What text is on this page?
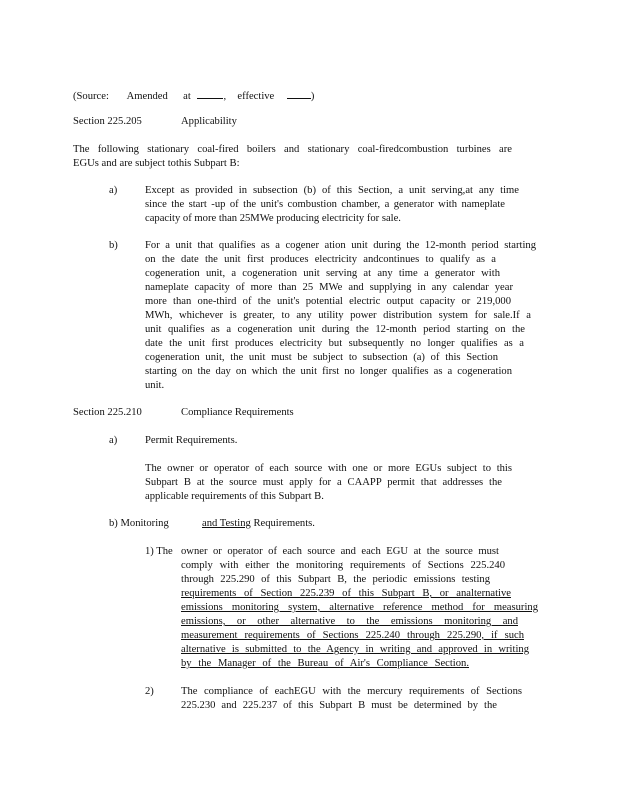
(Source: Amended at	, effective	)
Section 225.205	Applicability
The following stationary coal-fired boilers and stationary coal-firedcombustion turbines are
EGUs and are subject tothis Subpart B:
a)	Except as provided in subsection (b) of this Section, a unit serving,at any time
since the start -up of the unit's combustion chamber, a generator with nameplate
capacity of more than 25MWe producing electricity for sale.
b)	For a unit that qualifies as a cogener ation unit during the 12-month period starting
on the date the unit first produces electricity andcontinues to qualify as a
cogeneration unit, a cogeneration unit serving at any time a generator with
nameplate capacity of more than 25 MWe and supplying in any calendar year
more than one-third of the unit's potential electric output capacity or 219,000
MWh, whichever is greater, to any utility power distribution system for sale.If a
unit qualifies as a cogeneration unit during the 12-month period starting on the
date the unit first produces electricity but subsequently no longer qualifies as a
cogeneration unit, the unit must be subject to subsection (a) of this Section
starting on the day on which the unit first no longer qualifies as a cogeneration
unit.
Section 225.210	Compliance Requirements
a)	Permit Requirements.
The owner or operator of each source with one or more EGUs subject to this
Subpart B at the source must apply for a CAAPP permit that addresses the
applicable requirements of this Subpart B.
b) Monitoring	and Testing Requirements.
1) The owner or operator of each source and each EGU at the source must
comply with either the monitoring requirements of Sections 225.240
through 225.290 of this Subpart B, the periodic emissions testing
requirements of Section 225.239 of this Subpart B, or analternative
emissions monitoring system, alternative reference method for measuring
emissions, or other alternative to the emissions monitoring and
measurement requirements of Sections 225.240 through 225.290, if such
alternative is submitted to the Agency in writing and approved in writing
by the Manager of the Bureau of Air's Compliance Section.
2)	The compliance of eachEGU with the mercury requirements of Sections
225.230 and 225.237 of this Subpart B must be determined by the
